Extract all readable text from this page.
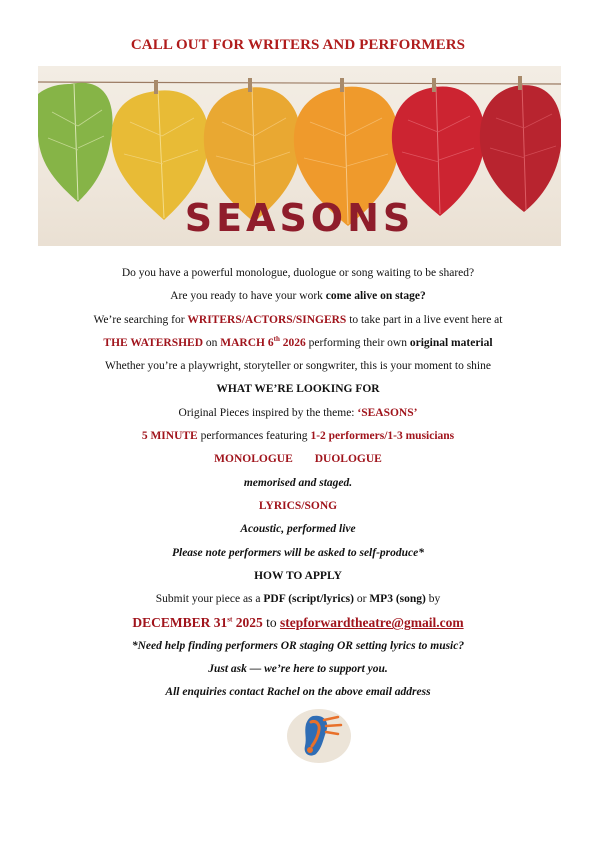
CALL OUT FOR WRITERS AND PERFORMERS
SEASONS
Do you have a powerful monologue, duologue or song waiting to be shared?
Are you ready to have your work come alive on stage?
We’re searching for WRITERS/ACTORS/SINGERS to take part in a live event here at
THE WATERSHED on MARCH 6th 2026 performing their own original material
Whether you’re a playwright, storyteller or songwriter, this is your moment to shine
WHAT WE’RE LOOKING FOR
Original Pieces inspired by the theme: ‘SEASONS’
5 MINUTE performances featuring 1-2 performers/1-3 musicians
MONOLOGUE DUOLOGUE
memorised and staged.
LYRICS/SONG
Acoustic, performed live
Please note performers will be asked to self-produce*
HOW TO APPLY
Submit your piece as a PDF (script/lyrics) or MP3 (song) by
DECEMBER 31st 2025 to stepforwardtheatre@gmail.com
*Need help finding performers OR staging OR setting lyrics to music?
Just ask — we’re here to support you.
All enquiries contact Rachel on the above email address
